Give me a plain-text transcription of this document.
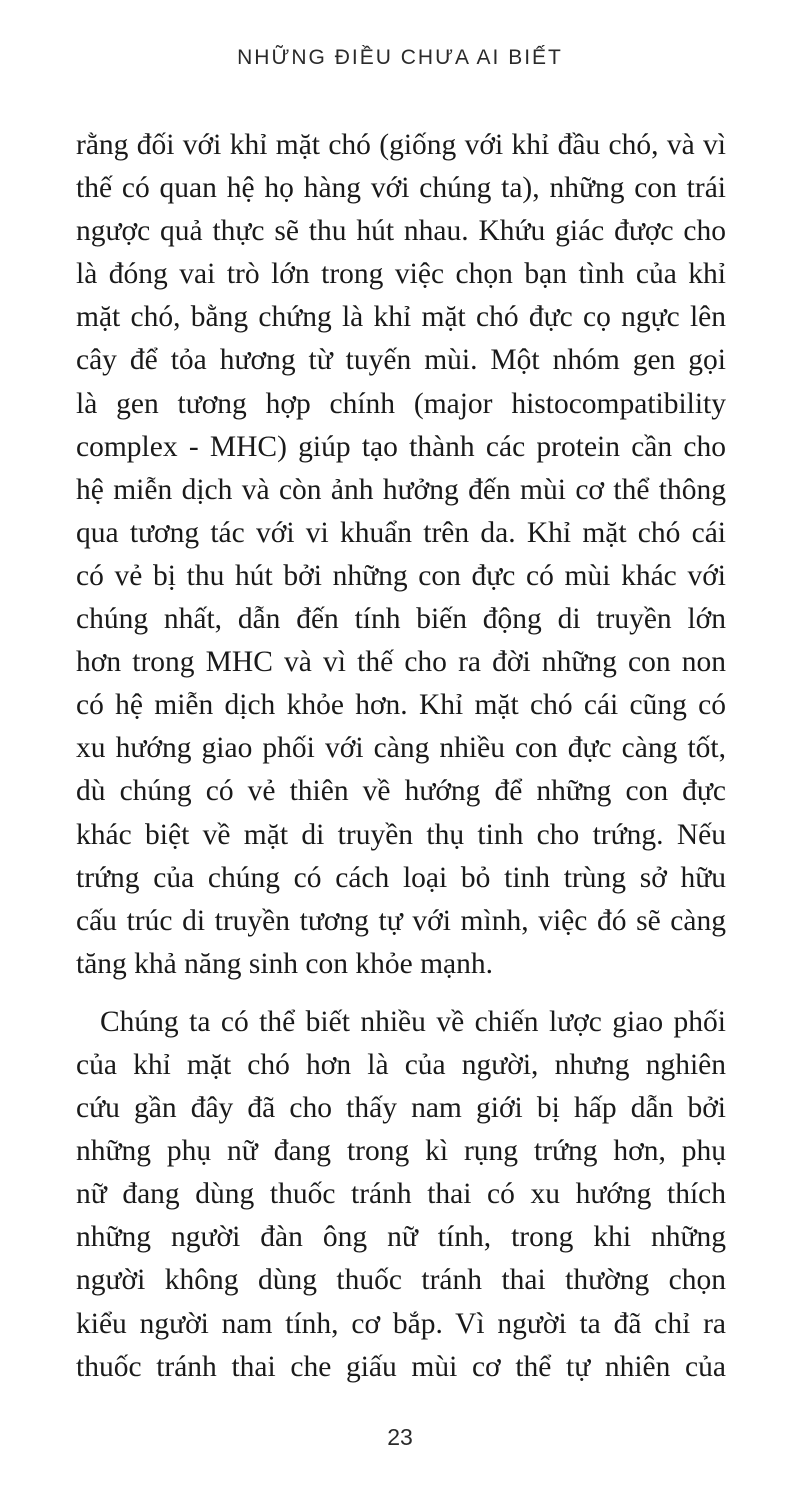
NHỮNG ĐIỀU CHƯA AI BIẾT
rằng đối với khỉ mặt chó (giống với khỉ đầu chó, và vì
thế có quan hệ họ hàng với chúng ta), những con trái
ngược quả thực sẽ thu hút nhau. Khứu giác được cho
là đóng vai trò lớn trong việc chọn bạn tình của khỉ
mặt chó, bằng chứng là khỉ mặt chó đực cọ ngực lên
cây để tỏa hương từ tuyến mùi. Một nhóm gen gọi
là gen tương hợp chính (major histocompatibility
complex - MHC) giúp tạo thành các protein cần cho
hệ miễn dịch và còn ảnh hưởng đến mùi cơ thể thông
qua tương tác với vi khuẩn trên da. Khỉ mặt chó cái
có vẻ bị thu hút bởi những con đực có mùi khác với
chúng nhất, dẫn đến tính biến động di truyền lớn
hơn trong MHC và vì thế cho ra đời những con non
có hệ miễn dịch khỏe hơn. Khỉ mặt chó cái cũng có
xu hướng giao phối với càng nhiều con đực càng tốt,
dù chúng có vẻ thiên về hướng để những con đực
khác biệt về mặt di truyền thụ tinh cho trứng. Nếu
trứng của chúng có cách loại bỏ tinh trùng sở hữu
cấu trúc di truyền tương tự với mình, việc đó sẽ càng
tăng khả năng sinh con khỏe mạnh.
Chúng ta có thể biết nhiều về chiến lược giao phối
của khỉ mặt chó hơn là của người, nhưng nghiên
cứu gần đây đã cho thấy nam giới bị hấp dẫn bởi
những phụ nữ đang trong kì rụng trứng hơn, phụ
nữ đang dùng thuốc tránh thai có xu hướng thích
những người đàn ông nữ tính, trong khi những
người không dùng thuốc tránh thai thường chọn
kiểu người nam tính, cơ bắp. Vì người ta đã chỉ ra
thuốc tránh thai che giấu mùi cơ thể tự nhiên của
23
